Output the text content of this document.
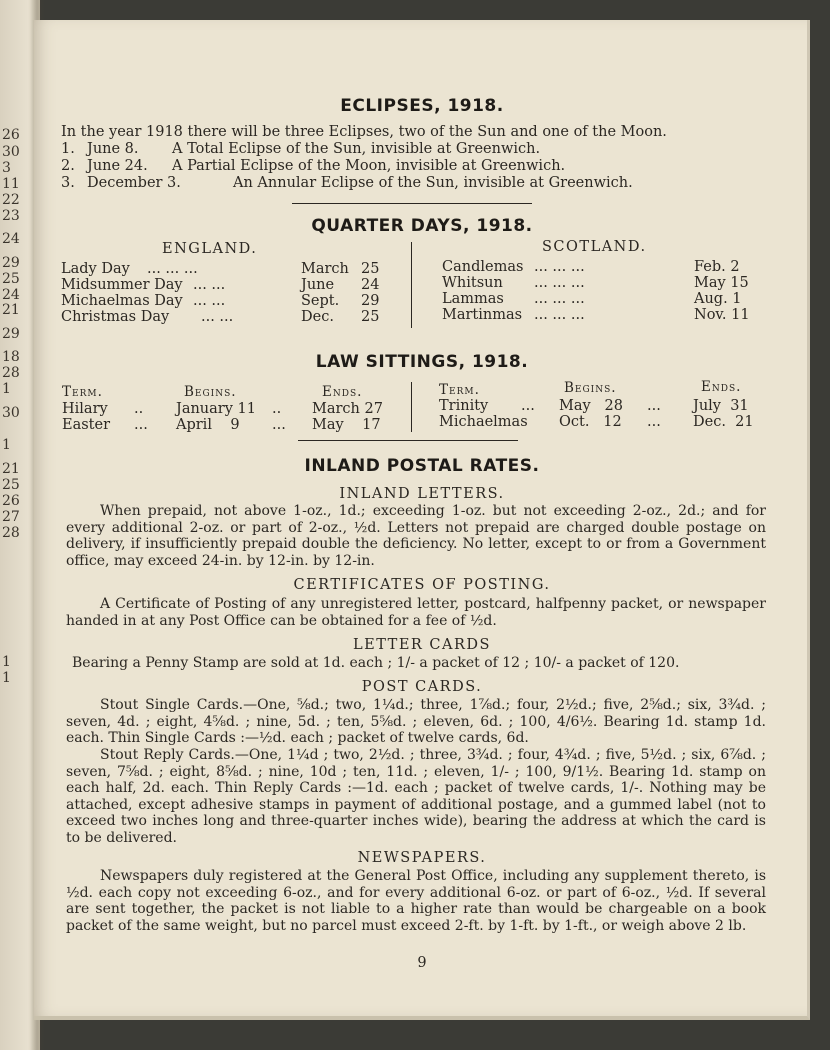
26
30
3
11
22
23
24
29
25
24
21
29
18
28
1
30
1
21
25
26
27
28
1
1
ECLIPSES, 1918.
In the year 1918 there will be three Eclipses, two of the Sun and one of the Moon.
1. June 8. A Total Eclipse of the Sun, invisible at Greenwich.
2. June 24. A Partial Eclipse of the Moon, invisible at Greenwich.
3. December 3.	An Annular Eclipse of the Sun, invisible at Greenwich.
QUARTER DAYS, 1918.
ENGLAND.	SCOTLAND.
Lady Day ... ... ...	March 25
Midsummer Day ... ...	June 24
Michaelmas Day ... ...	Sept. 29
Christmas Day ... ...	Dec. 25
Candlemas ... ... ...	Feb. 2
Whitsun ... ... ...	May 15
Lammas ... ... ...	Aug. 1
Martinmas ... ... ...	Nov. 11
LAW SITTINGS, 1918.
Term.	Begins.	Ends.	Term.	Begins.	Ends.
Hilary .. January 11 .. March 27
Easter ... April    9 ... May    17
Trinity ... May   28 ... July  31
Michaelmas Oct.   12 ... Dec.  21
INLAND POSTAL RATES.
INLAND LETTERS.
When prepaid, not above 1-oz., 1d.; exceeding 1-oz. but not exceeding 2-oz., 2d.; and for every additional 2-oz. or part of 2-oz., ½d. Letters not prepaid are charged double postage on delivery, if insufficiently prepaid double the deficiency. No letter, except to or from a Government office, may exceed 24-in. by 12-in. by 12-in.
CERTIFICATES OF POSTING.
A Certificate of Posting of any unregistered letter, postcard, halfpenny packet, or newspaper handed in at any Post Office can be obtained for a fee of ½d.
LETTER CARDS
Bearing a Penny Stamp are sold at 1d. each ; 1/- a packet of 12 ; 10/- a packet of 120.
POST CARDS.
Stout Single Cards.—One, ⅝d.; two, 1¼d.; three, 1⅞d.; four, 2½d.; five, 2⅝d.; six, 3¾d. ; seven, 4d. ; eight, 4⅝d. ; nine, 5d. ; ten, 5⅝d. ; eleven, 6d. ; 100, 4/6½. Bearing 1d. stamp 1d. each. Thin Single Cards :—½d. each ; packet of twelve cards, 6d.
Stout Reply Cards.—One, 1¼d ; two, 2½d. ; three, 3¾d. ; four, 4¾d. ; five, 5½d. ; six, 6⅞d. ; seven, 7⅝d. ; eight, 8⅝d. ; nine, 10d ; ten, 11d. ; eleven, 1/- ; 100, 9/1½. Bearing 1d. stamp on each half, 2d. each. Thin Reply Cards :—1d. each ; packet of twelve cards, 1/-. Nothing may be attached, except adhesive stamps in payment of additional postage, and a gummed label (not to exceed two inches long and three-quarter inches wide), bearing the address at which the card is to be delivered.
NEWSPAPERS.
Newspapers duly registered at the General Post Office, including any supplement thereto, is ½d. each copy not exceeding 6-oz., and for every additional 6-oz. or part of 6-oz., ½d. If several are sent together, the packet is not liable to a higher rate than would be chargeable on a book packet of the same weight, but no parcel must exceed 2-ft. by 1-ft. by 1-ft., or weigh above 2 lb.
9
